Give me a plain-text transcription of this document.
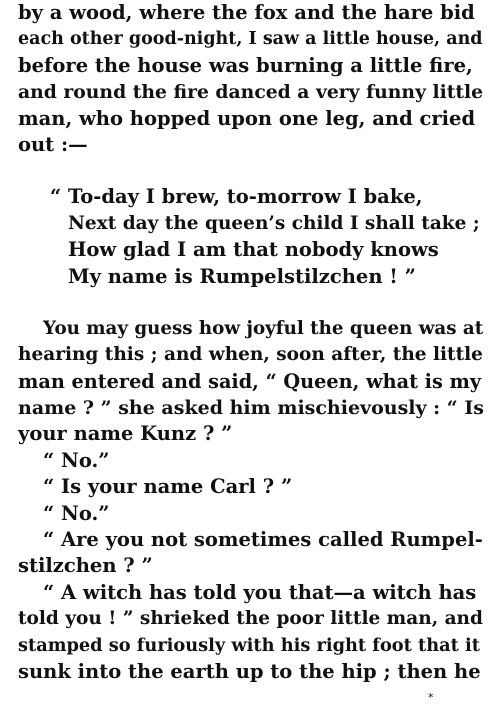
by a wood, where the fox and the hare bid
each other good-night, I saw a little house, and
before the house was burning a little fire,
and round the fire danced a very funny little
man, who hopped upon one leg, and cried
out :—
“ To-day I brew, to-morrow I bake,
Next day the queen’s child I shall take ;
How glad I am that nobody knows
My name is Rumpelstilzchen ! ”
You may guess how joyful the queen was at
hearing this ; and when, soon after, the little
man entered and said, “ Queen, what is my
name ? ” she asked him mischievously : “ Is
your name Kunz ? ”
“ No.”
“ Is your name Carl ? ”
“ No.”
“ Are you not sometimes called Rumpel-
stilzchen ? ”
“ A witch has told you that—a witch has
told you ! ” shrieked the poor little man, and
stamped so furiously with his right foot that it
sunk into the earth up to the hip ; then he
*
